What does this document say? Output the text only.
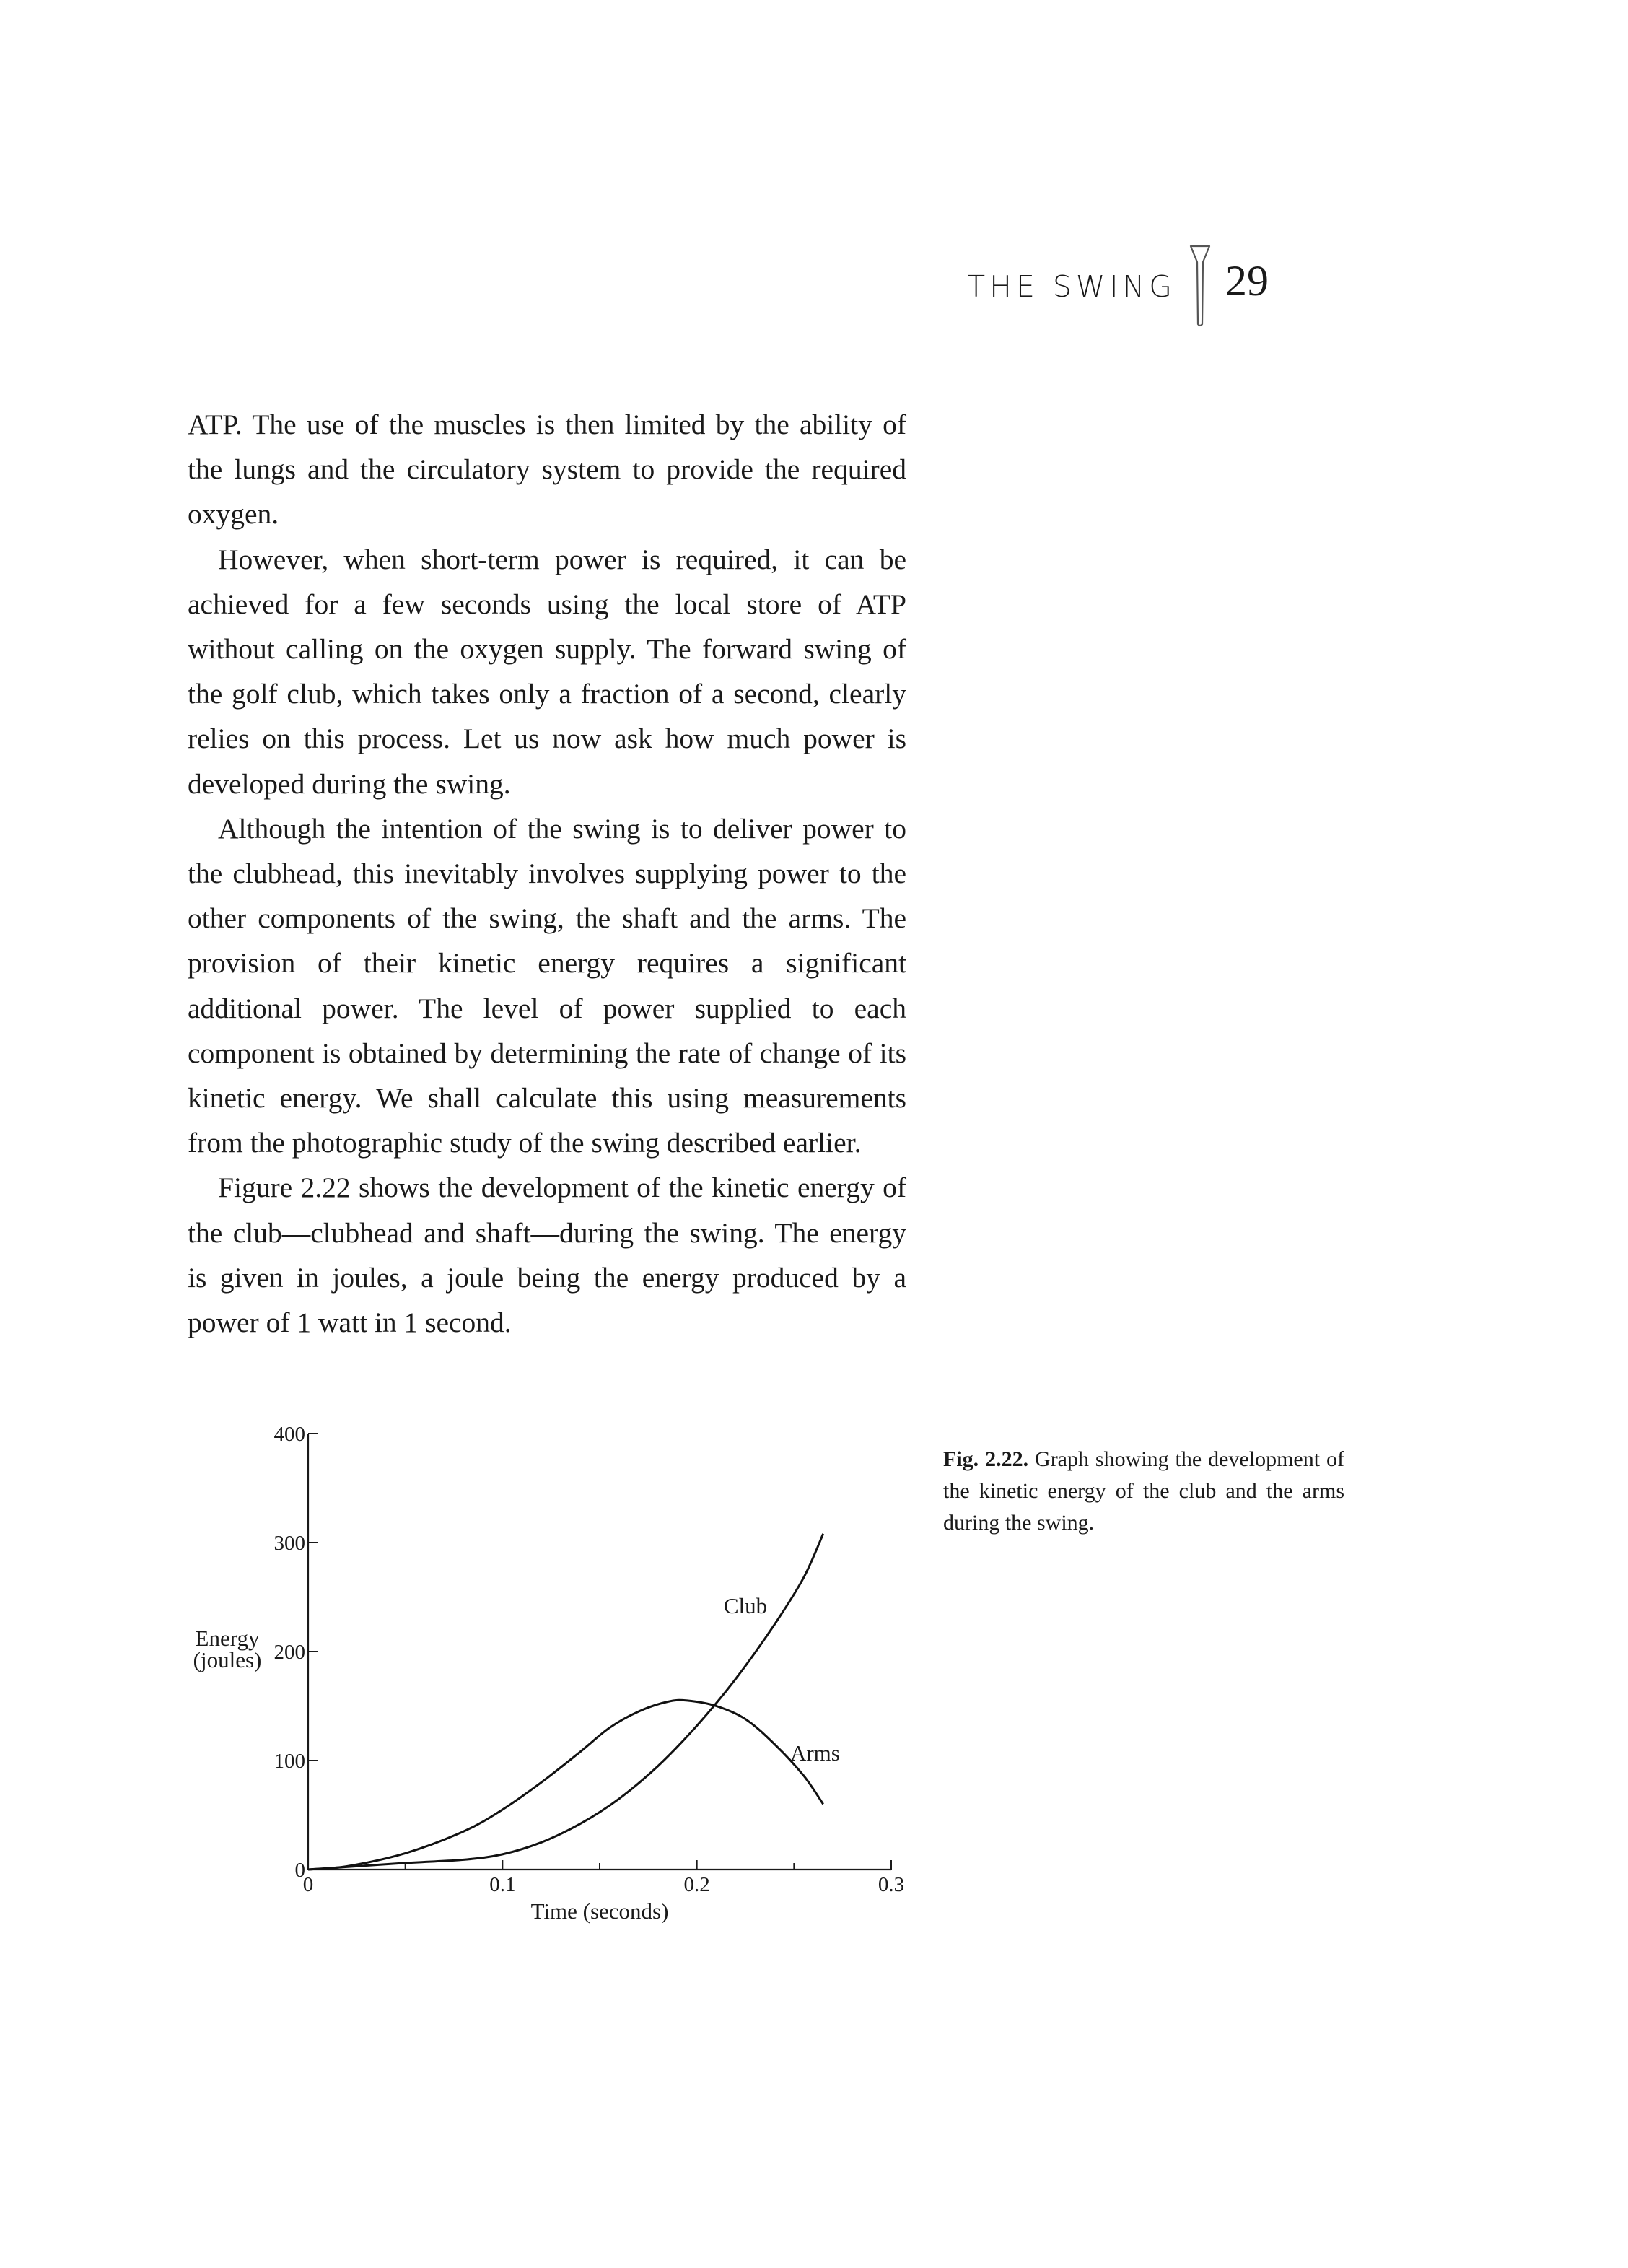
THE SWING 29

ATP. The use of the muscles is then limited by the ability of the lungs and the circulatory system to provide the required oxygen.

However, when short-term power is required, it can be achieved for a few seconds using the local store of ATP without calling on the oxygen supply. The forward swing of the golf club, which takes only a fraction of a second, clearly relies on this process. Let us now ask how much power is developed during the swing.

Although the intention of the swing is to deliver power to the clubhead, this inevitably involves supplying power to the other components of the swing, the shaft and the arms. The provision of their kinetic energy requires a significant additional power. The level of power supplied to each component is obtained by determining the rate of change of its kinetic energy. We shall calculate this using measurements from the photographic study of the swing described earlier.

Figure 2.22 shows the development of the kinetic energy of the club—clubhead and shaft—during the swing. The energy is given in joules, a joule being the energy produced by a power of 1 watt in 1 second.

0
100
200
300
400
0	0.1	0.2	0.3
Time (seconds)
Energy
(joules)
Club
Arms
Fig. 2.22. Graph showing the development of the kinetic energy of the club and the arms during the swing.
